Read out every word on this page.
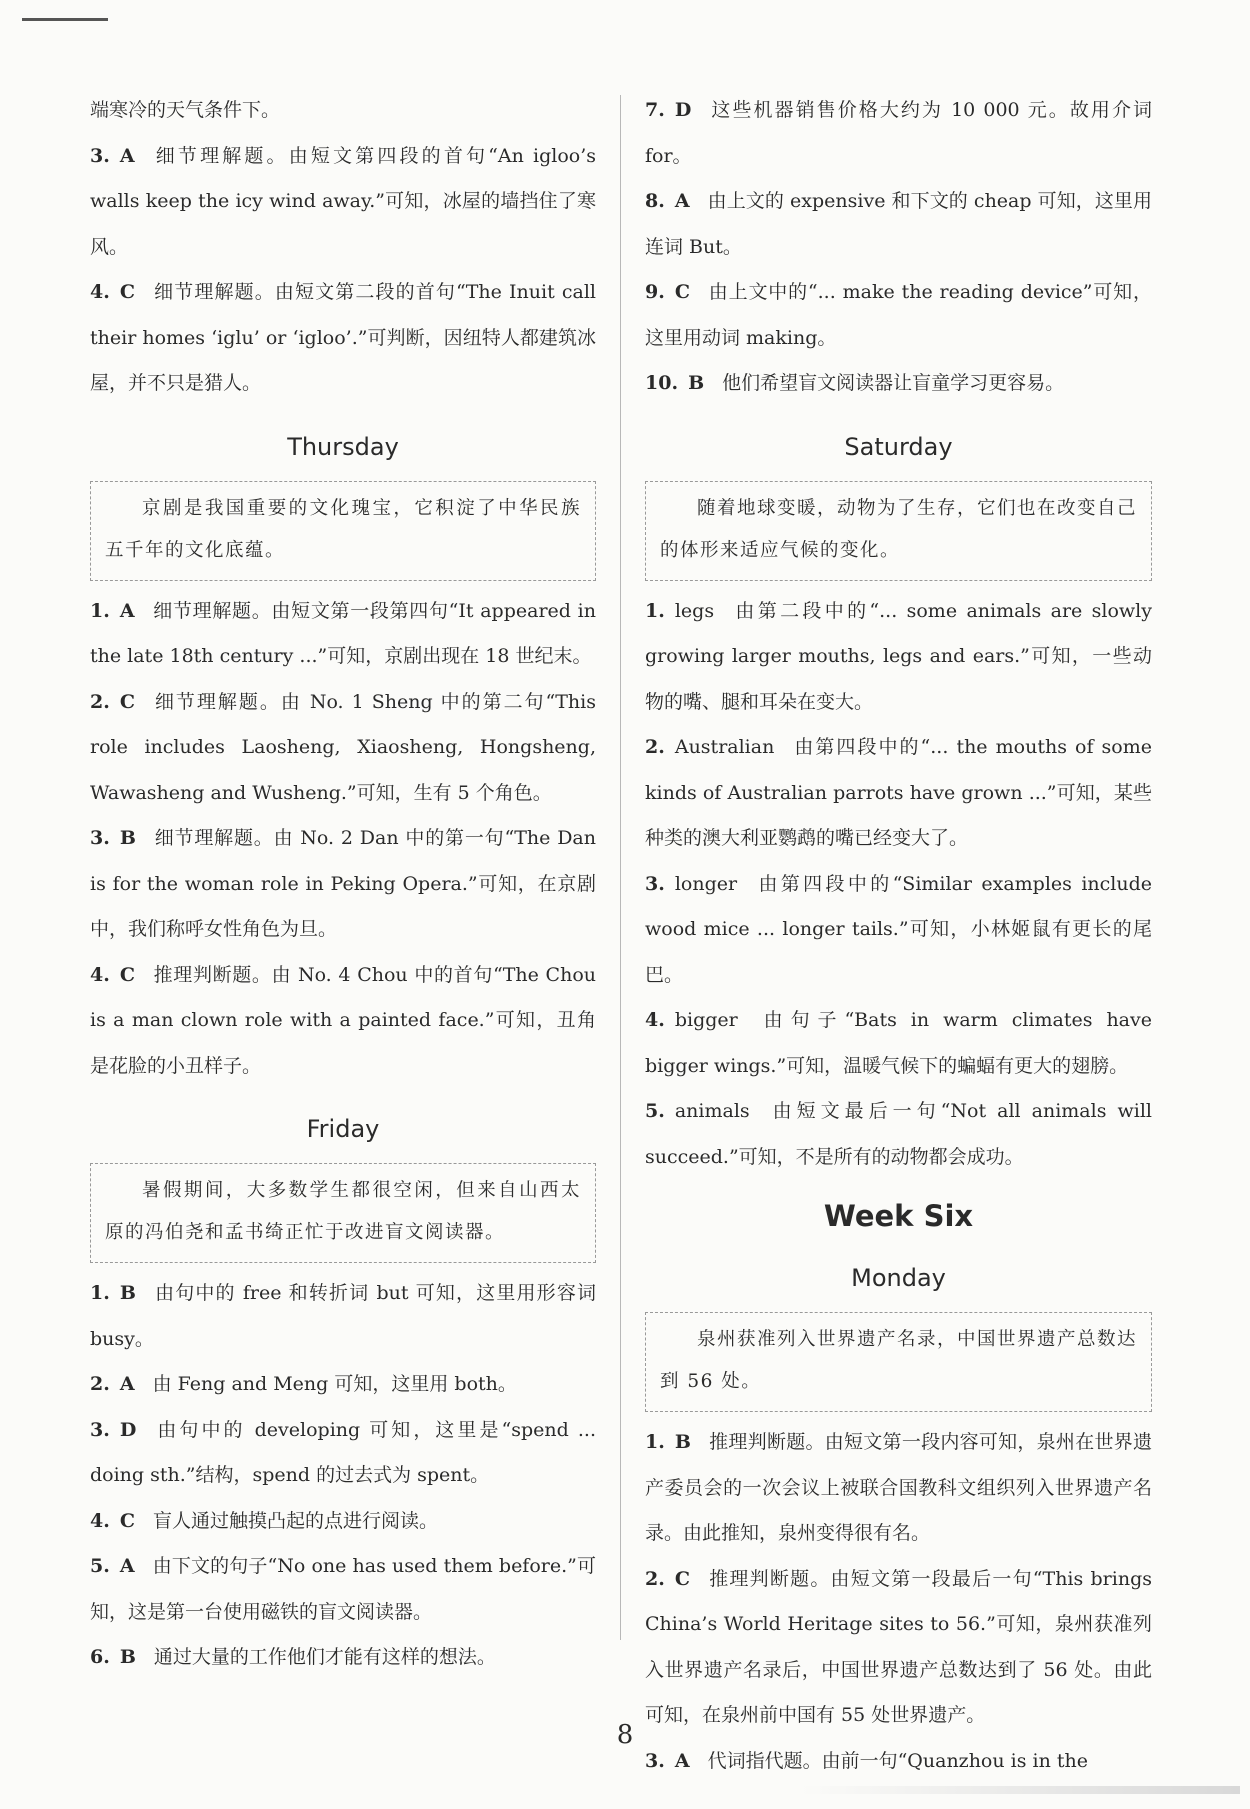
端寒冷的天气条件下。

3. A 细节理解题。由短文第四段的首句“An igloo’s walls keep the icy wind away.”可知，冰屋的墙挡住了寒风。

4. C 细节理解题。由短文第二段的首句“The Inuit call their homes ‘iglu’ or ‘igloo’.”可判断，因纽特人都建筑冰屋，并不只是猎人。

Thursday
京剧是我国重要的文化瑰宝，它积淀了中华民族五千年的文化底蕴。

1. A 细节理解题。由短文第一段第四句“It appeared in the late 18th century ...”可知，京剧出现在 18 世纪末。

2. C 细节理解题。由 No. 1 Sheng 中的第二句“This role includes Laosheng, Xiaosheng, Hongsheng, Wawasheng and Wusheng.”可知，生有 5 个角色。

3. B 细节理解题。由 No. 2 Dan 中的第一句“The Dan is for the woman role in Peking Opera.”可知，在京剧中，我们称呼女性角色为旦。

4. C 推理判断题。由 No. 4 Chou 中的首句“The Chou is a man clown role with a painted face.”可知，丑角是花脸的小丑样子。

Friday
暑假期间，大多数学生都很空闲，但来自山西太原的冯伯尧和孟书绮正忙于改进盲文阅读器。

1. B 由句中的 free 和转折词 but 可知，这里用形容词 busy。

2. A 由 Feng and Meng 可知，这里用 both。

3. D 由句中的 developing 可知，这里是“spend ... doing sth.”结构，spend 的过去式为 spent。

4. C 盲人通过触摸凸起的点进行阅读。

5. A 由下文的句子“No one has used them before.”可知，这是第一台使用磁铁的盲文阅读器。

6. B 通过大量的工作他们才能有这样的想法。

7. D 这些机器销售价格大约为 10 000 元。故用介词 for。

8. A 由上文的 expensive 和下文的 cheap 可知，这里用连词 But。

9. C 由上文中的“... make the reading device”可知，这里用动词 making。

10. B 他们希望盲文阅读器让盲童学习更容易。

Saturday
随着地球变暖，动物为了生存，它们也在改变自己的体形来适应气候的变化。

1. legs 由第二段中的“... some animals are slowly growing larger mouths, legs and ears.”可知，一些动物的嘴、腿和耳朵在变大。

2. Australian 由第四段中的“... the mouths of some kinds of Australian parrots have grown ...”可知，某些种类的澳大利亚鹦鹉的嘴已经变大了。

3. longer 由第四段中的“Similar examples include wood mice ... longer tails.”可知，小林姬鼠有更长的尾巴。

4. bigger 由句子“Bats in warm climates have bigger wings.”可知，温暖气候下的蝙蝠有更大的翅膀。

5. animals 由短文最后一句“Not all animals will succeed.”可知，不是所有的动物都会成功。

Week Six
Monday
泉州获准列入世界遗产名录，中国世界遗产总数达到 56 处。

1. B 推理判断题。由短文第一段内容可知，泉州在世界遗产委员会的一次会议上被联合国教科文组织列入世界遗产名录。由此推知，泉州变得很有名。

2. C 推理判断题。由短文第一段最后一句“This brings China’s World Heritage sites to 56.”可知，泉州获准列入世界遗产名录后，中国世界遗产总数达到了 56 处。由此可知，在泉州前中国有 55 处世界遗产。

3. A 代词指代题。由前一句“Quanzhou is in the

8
